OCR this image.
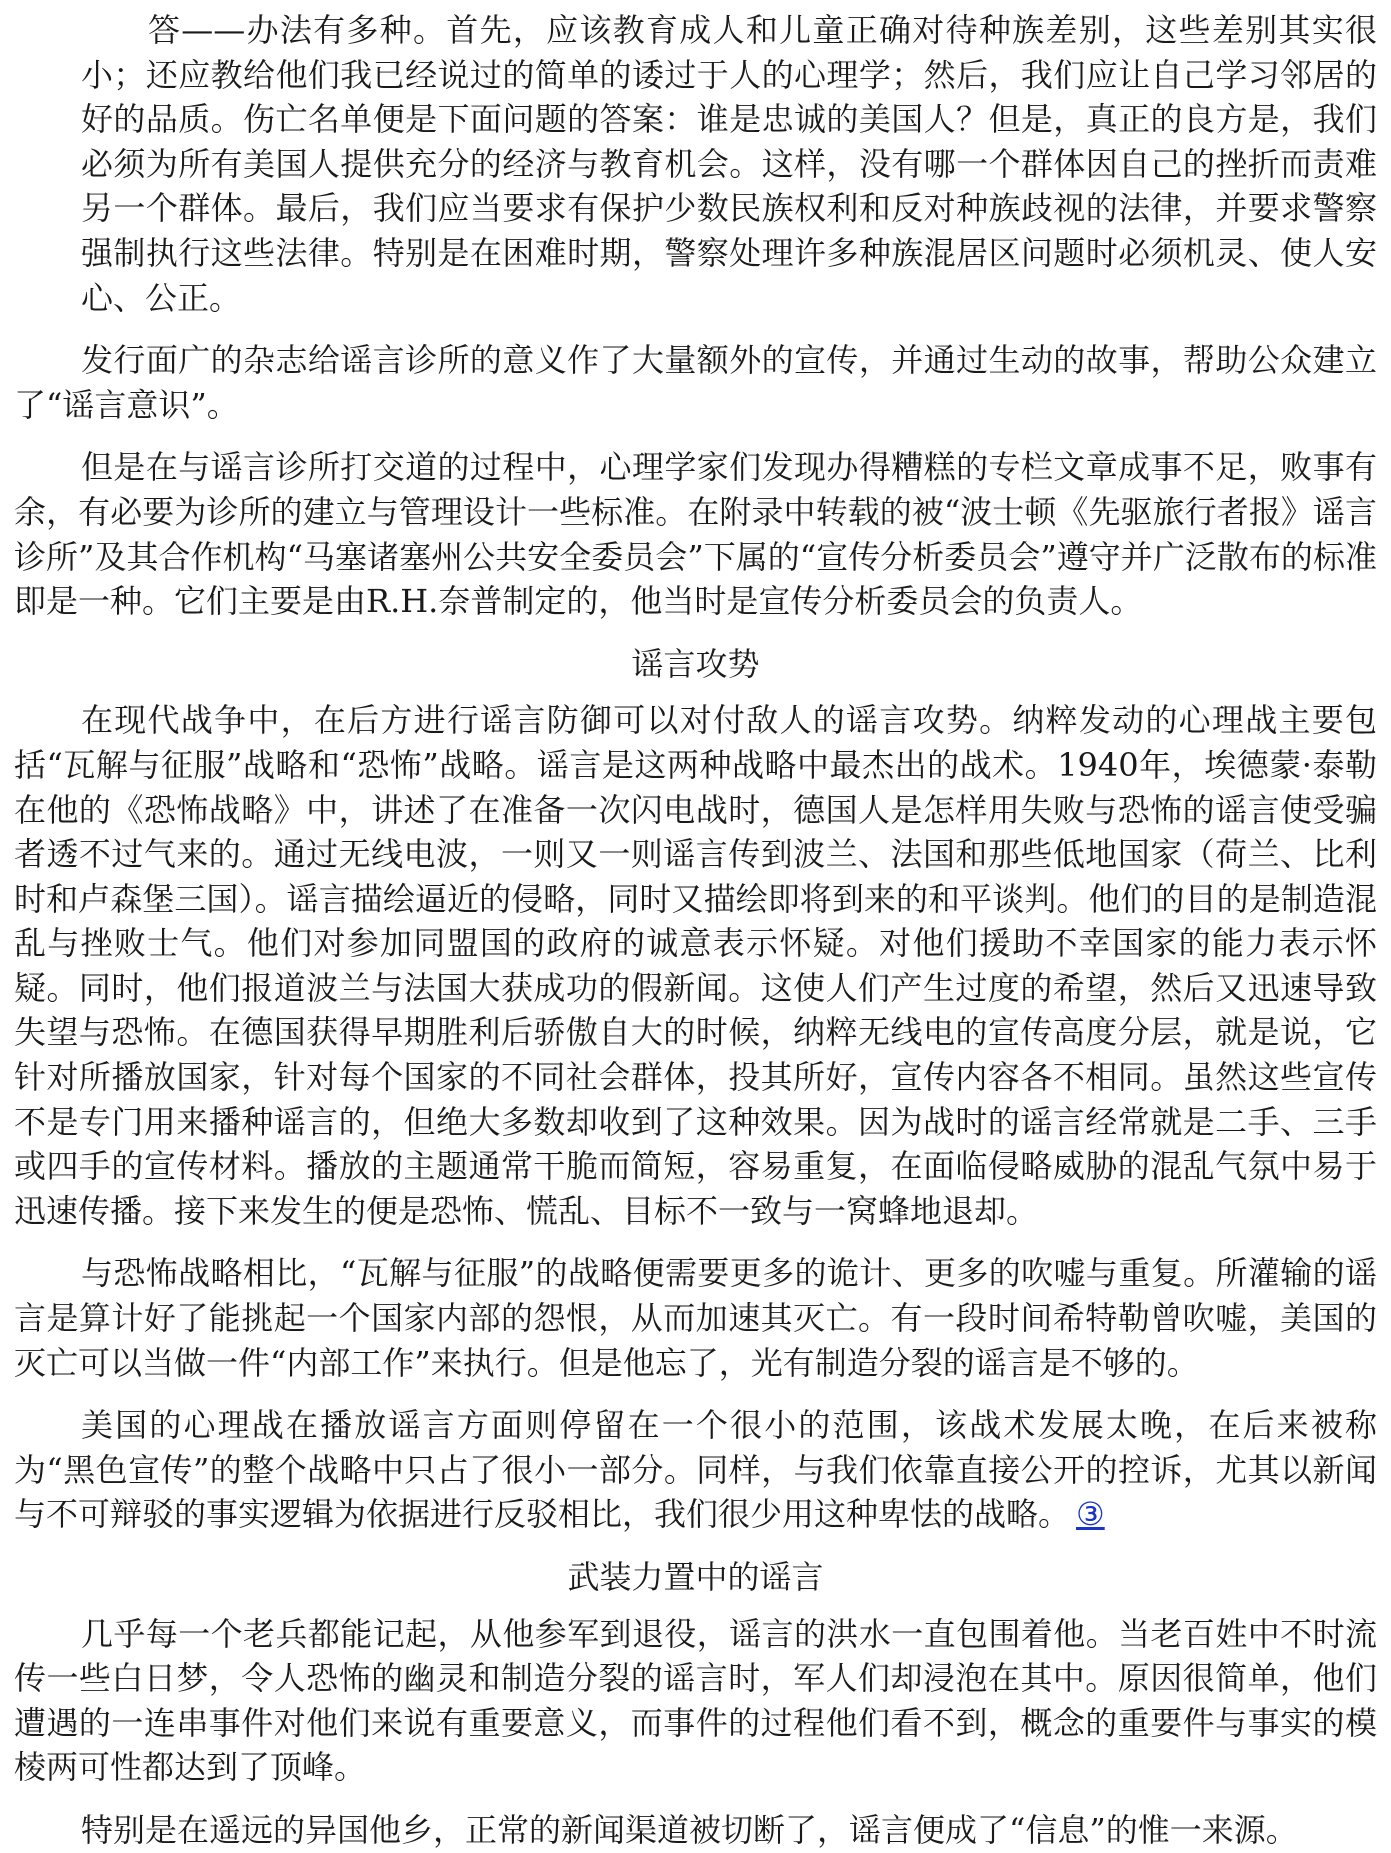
答——办法有多种。首先，应该教育成人和儿童正确对待种族差别，这些差别其实很小；还应教给他们我已经说过的简单的诿过于人的心理学；然后，我们应让自己学习邻居的好的品质。伤亡名单便是下面问题的答案：谁是忠诚的美国人？但是，真正的良方是，我们必须为所有美国人提供充分的经济与教育机会。这样，没有哪一个群体因自己的挫折而责难另一个群体。最后，我们应当要求有保护少数民族权利和反对种族歧视的法律，并要求警察强制执行这些法律。特别是在困难时期，警察处理许多种族混居区问题时必须机灵、使人安心、公正。

发行面广的杂志给谣言诊所的意义作了大量额外的宣传，并通过生动的故事，帮助公众建立了“谣言意识”。

但是在与谣言诊所打交道的过程中，心理学家们发现办得糟糕的专栏文章成事不足，败事有余，有必要为诊所的建立与管理设计一些标准。在附录中转载的被“波士顿《先驱旅行者报》谣言诊所”及其合作机构“马塞诸塞州公共安全委员会”下属的“宣传分析委员会”遵守并广泛散布的标准即是一种。它们主要是由R.H.奈普制定的，他当时是宣传分析委员会的负责人。

谣言攻势

在现代战争中，在后方进行谣言防御可以对付敌人的谣言攻势。纳粹发动的心理战主要包括“瓦解与征服”战略和“恐怖”战略。谣言是这两种战略中最杰出的战术。1940年，埃德蒙·泰勒在他的《恐怖战略》中，讲述了在准备一次闪电战时，德国人是怎样用失败与恐怖的谣言使受骗者透不过气来的。通过无线电波，一则又一则谣言传到波兰、法国和那些低地国家（荷兰、比利时和卢森堡三国）。谣言描绘逼近的侵略，同时又描绘即将到来的和平谈判。他们的目的是制造混乱与挫败士气。他们对参加同盟国的政府的诚意表示怀疑。对他们援助不幸国家的能力表示怀疑。同时，他们报道波兰与法国大获成功的假新闻。这使人们产生过度的希望，然后又迅速导致失望与恐怖。在德国获得早期胜利后骄傲自大的时候，纳粹无线电的宣传高度分层，就是说，它针对所播放国家，针对每个国家的不同社会群体，投其所好，宣传内容各不相同。虽然这些宣传不是专门用来播种谣言的，但绝大多数却收到了这种效果。因为战时的谣言经常就是二手、三手或四手的宣传材料。播放的主题通常干脆而简短，容易重复，在面临侵略威胁的混乱气氛中易于迅速传播。接下来发生的便是恐怖、慌乱、目标不一致与一窝蜂地退却。

与恐怖战略相比，“瓦解与征服”的战略便需要更多的诡计、更多的吹嘘与重复。所灌输的谣言是算计好了能挑起一个国家内部的怨恨，从而加速其灭亡。有一段时间希特勒曾吹嘘，美国的灭亡可以当做一件“内部工作”来执行。但是他忘了，光有制造分裂的谣言是不够的。

美国的心理战在播放谣言方面则停留在一个很小的范围，该战术发展太晚，在后来被称为“黑色宣传”的整个战略中只占了很小一部分。同样，与我们依靠直接公开的控诉，尤其以新闻与不可辩驳的事实逻辑为依据进行反驳相比，我们很少用这种卑怯的战略。 ③

武装力置中的谣言

几乎每一个老兵都能记起，从他参军到退役，谣言的洪水一直包围着他。当老百姓中不时流传一些白日梦，令人恐怖的幽灵和制造分裂的谣言时，军人们却浸泡在其中。原因很简单，他们遭遇的一连串事件对他们来说有重要意义，而事件的过程他们看不到，概念的重要件与事实的模棱两可性都达到了顶峰。

特别是在遥远的异国他乡，正常的新闻渠道被切断了，谣言便成了“信息”的惟一来源。
